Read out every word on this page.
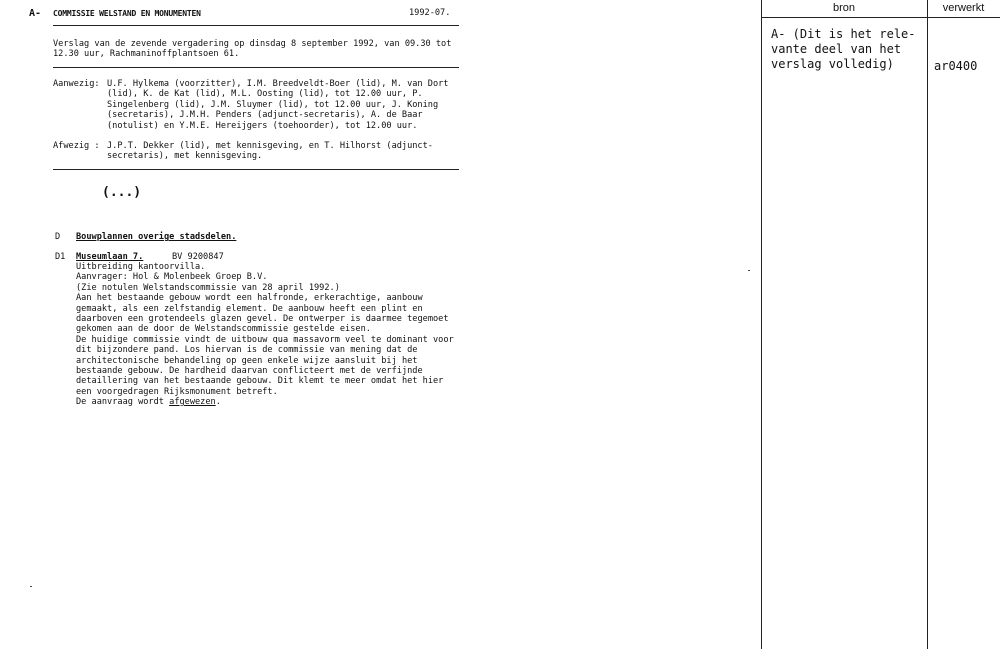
A- COMMISSIE WELSTAND EN MONUMENTEN	1992-07.
Verslag van de zevende vergadering op dinsdag 8 september 1992, van 09.30 tot
12.30 uur, Rachmaninoffplantsoen 61.
Aanwezig: U.F. Hylkema (voorzitter), I.M. Breedveldt-Boer (lid), M. van Dort
(lid), K. de Kat (lid), M.L. Oosting (lid), tot 12.00 uur, P.
Singelenberg (lid), J.M. Sluymer (lid), tot 12.00 uur, J. Koning
(secretaris), J.M.H. Penders (adjunct-secretaris), A. de Baar
(notulist) en Y.M.E. Hereijgers (toehoorder), tot 12.00 uur.
Afwezig : J.P.T. Dekker (lid), met kennisgeving, en T. Hilhorst (adjunct-
secretaris), met kennisgeving.
(...)
D Bouwplannen overige stadsdelen.
D1 Museumlaan 7.	BV 9200847
Uitbreiding kantoorvilla.
Aanvrager: Hol & Molenbeek Groep B.V.
(Zie notulen Welstandscommissie van 28 april 1992.)
Aan het bestaande gebouw wordt een halfronde, erkerachtige, aanbouw
gemaakt, als een zelfstandig element. De aanbouw heeft een plint en
daarboven een grotendeels glazen gevel. De ontwerper is daarmee tegemoet
gekomen aan de door de Welstandscommissie gestelde eisen.
De huidige commissie vindt de uitbouw qua massavorm veel te dominant voor
dit bijzondere pand. Los hiervan is de commissie van mening dat de
architectonische behandeling op geen enkele wijze aansluit bij het
bestaande gebouw. De hardheid daarvan conflicteert met de verfijnde
detaillering van het bestaande gebouw. Dit klemt te meer omdat het hier
een voorgedragen Rijksmonument betreft.
De aanvraag wordt afgewezen.
bron	verwerkt
A- (Dit is het rele-
vante deel van het
verslag volledig)	ar0400
